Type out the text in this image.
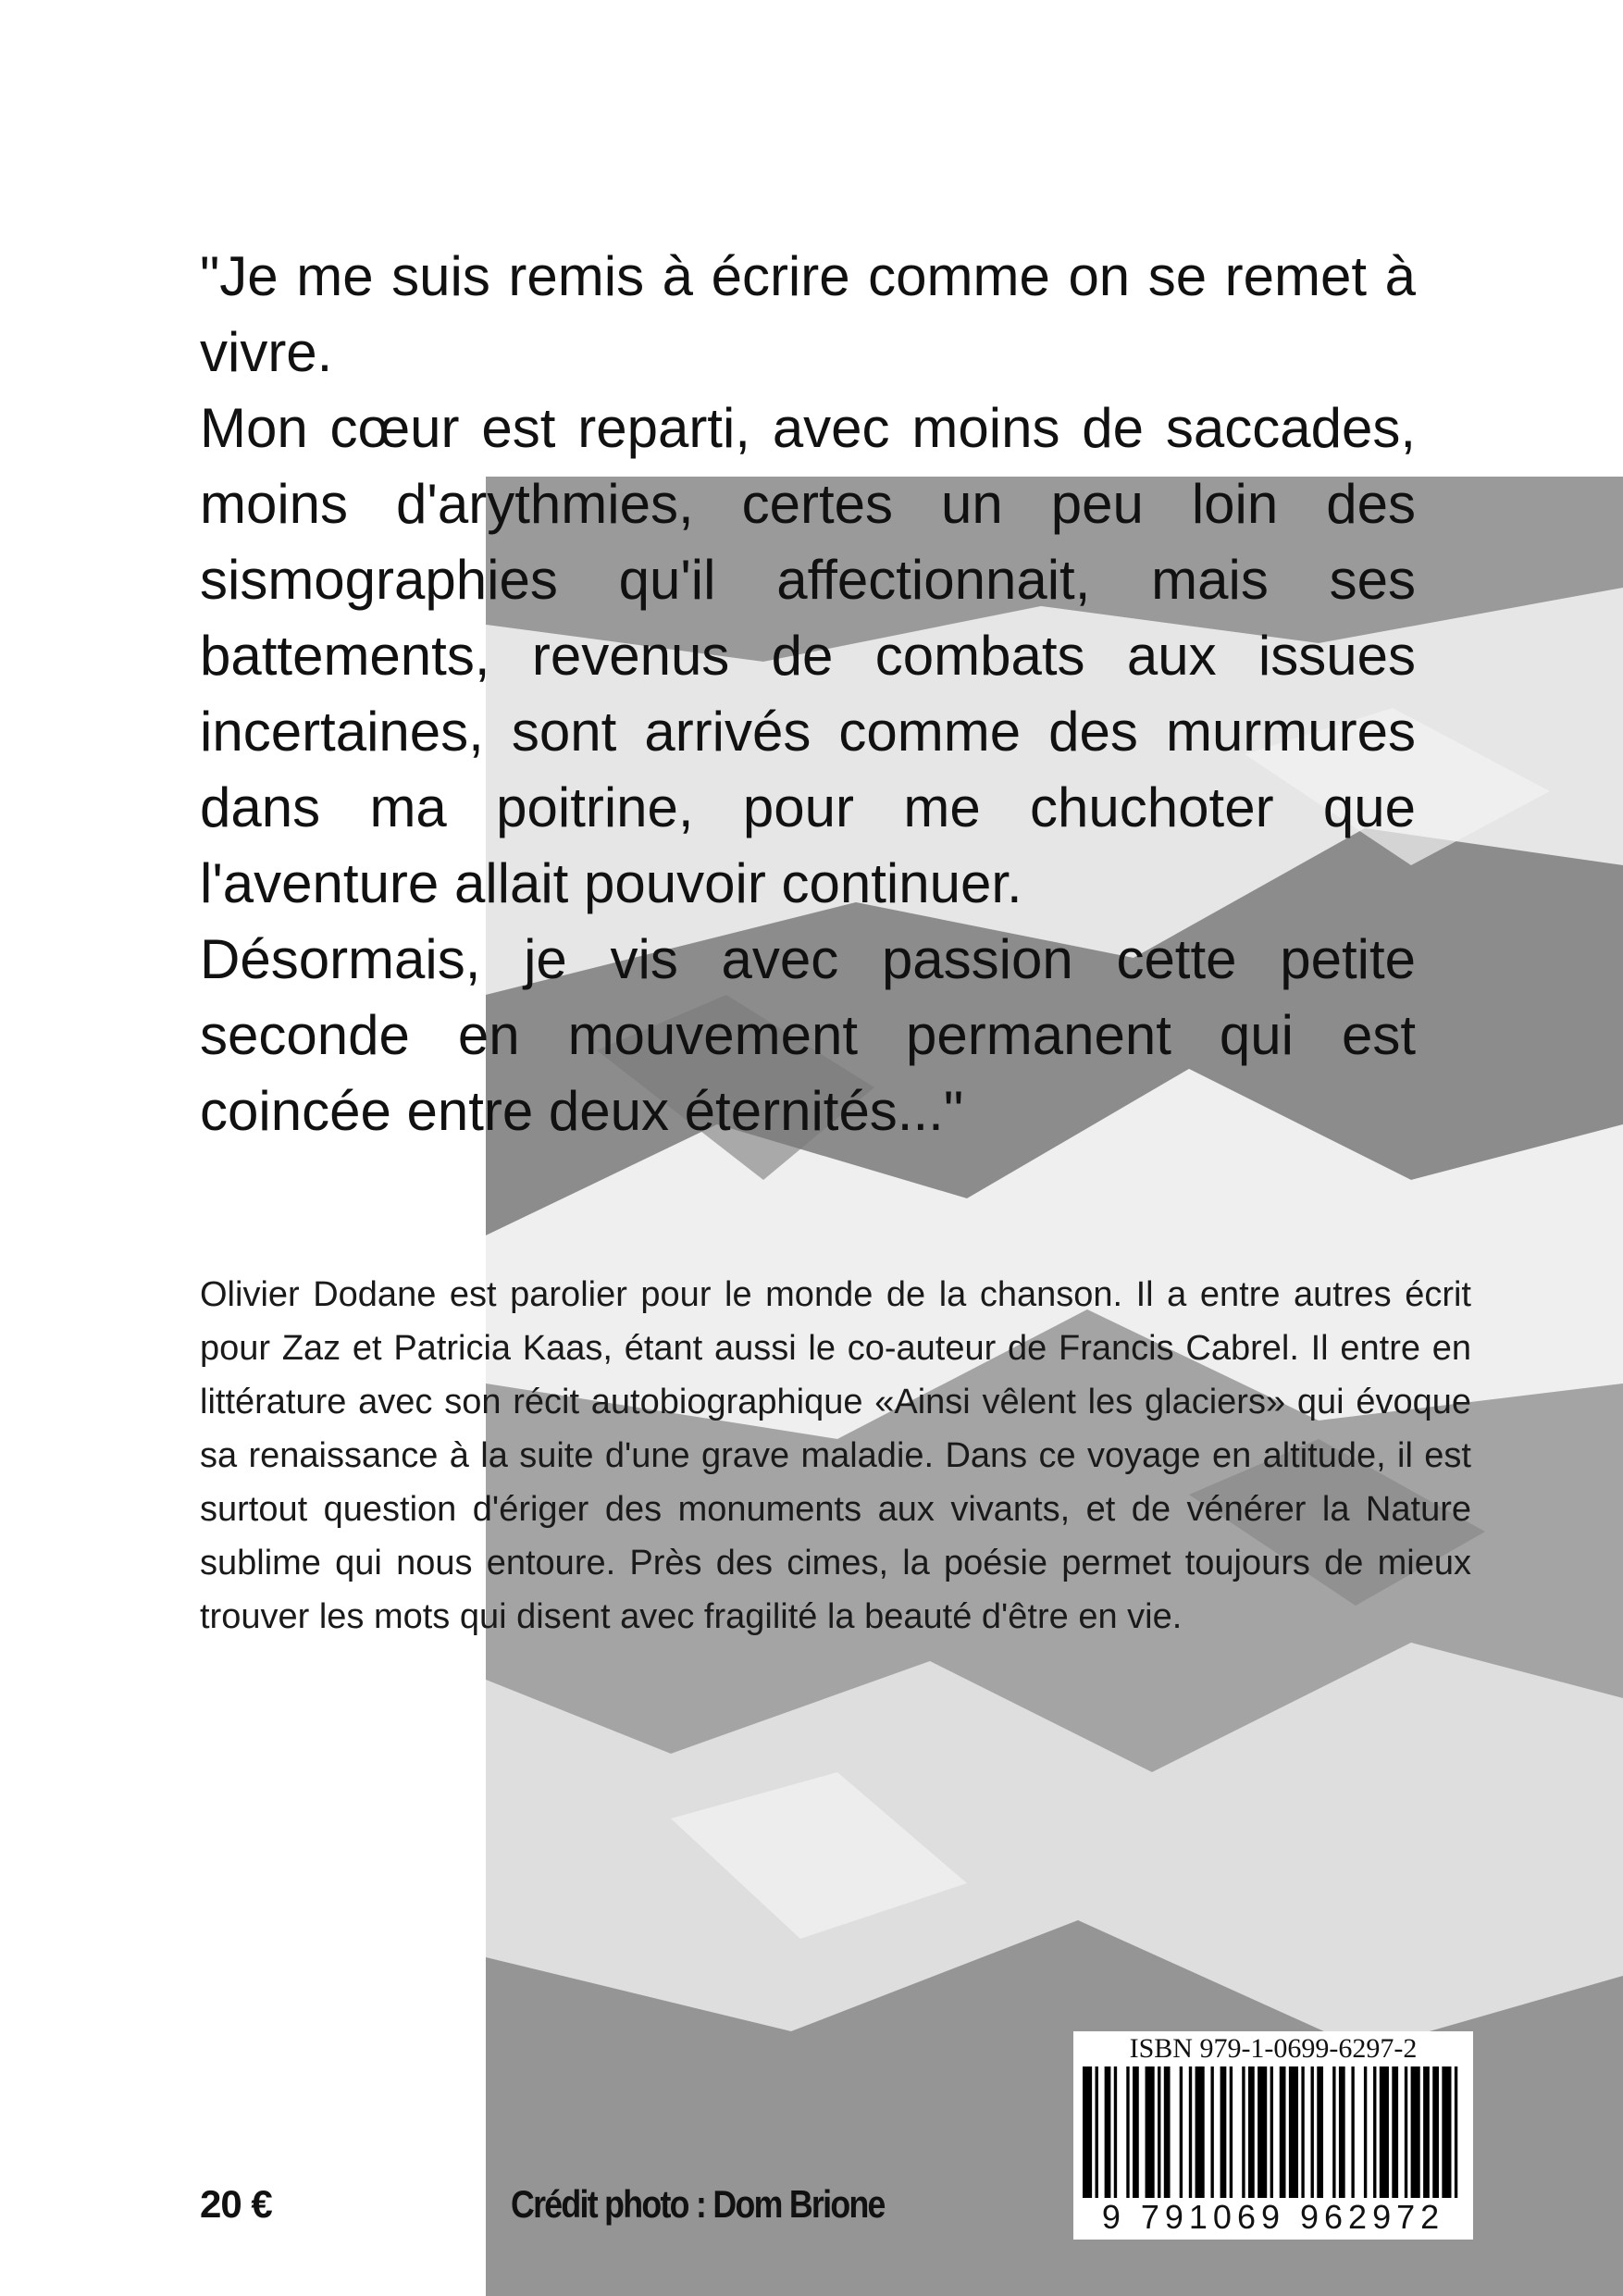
"Je me suis remis à écrire comme on se remet à vivre.

Mon cœur est reparti, avec moins de saccades, moins d'arythmies, certes un peu loin des sismographies qu'il affectionnait, mais ses battements, revenus de combats aux issues incertaines, sont arrivés comme des murmures dans ma poitrine, pour me chuchoter que l'aventure allait pouvoir continuer.

Désormais, je vis avec passion cette petite seconde en mouvement permanent qui est coincée entre deux éternités..."

Olivier Dodane est parolier pour le monde de la chanson. Il a entre autres écrit pour Zaz et Patricia Kaas, étant aussi le co-auteur de Francis Cabrel. Il entre en littérature avec son récit autobiographique «Ainsi vêlent les glaciers» qui évoque sa renaissance à la suite d'une grave maladie. Dans ce voyage en altitude, il est surtout question d'ériger des monuments aux vivants, et de vénérer la Nature sublime qui nous entoure. Près des cimes, la poésie permet toujours de mieux trouver les mots qui disent avec fragilité la beauté d'être en vie.
20 €	Crédit photo : Dom Brione
ISBN 979-1-0699-6297-2
9 791069 962972
